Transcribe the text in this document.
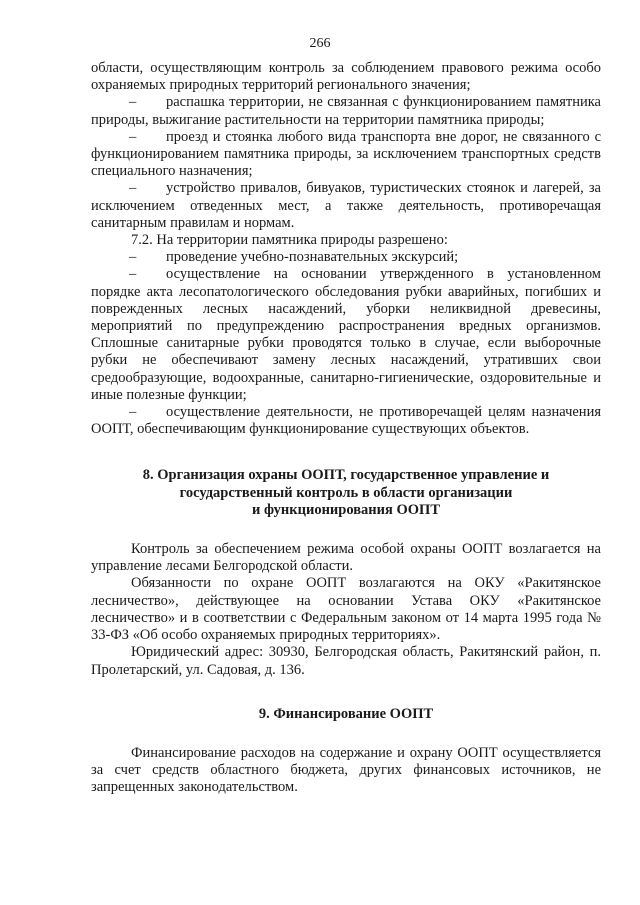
266

области, осуществляющим контроль за соблюдением правового режима особо охраняемых природных территорий регионального значения;

– распашка территории, не связанная с функционированием памятника природы, выжигание растительности на территории памятника природы;

– проезд и стоянка любого вида транспорта вне дорог, не связанного с функционированием памятника природы, за исключением транспортных средств специального назначения;

– устройство привалов, бивуаков, туристических стоянок и лагерей, за исключением отведенных мест, а также деятельность, противоречащая санитарным правилам и нормам.

7.2. На территории памятника природы разрешено:

– проведение учебно-познавательных экскурсий;

– осуществление на основании утвержденного в установленном порядке акта лесопатологического обследования рубки аварийных, погибших и поврежденных лесных насаждений, уборки неликвидной древесины, мероприятий по предупреждению распространения вредных организмов. Сплошные санитарные рубки проводятся только в случае, если выборочные рубки не обеспечивают замену лесных насаждений, утративших свои средообразующие, водоохранные, санитарно-гигиенические, оздоровительные и иные полезные функции;

– осуществление деятельности, не противоречащей целям назначения ООПТ, обеспечивающим функционирование существующих объектов.

8. Организация охраны ООПТ, государственное управление и
государственный контроль в области организации
и функционирования ООПТ

Контроль за обеспечением режима особой охраны ООПТ возлагается на управление лесами Белгородской области.

Обязанности по охране ООПТ возлагаются на ОКУ «Ракитянское лесничество», действующее на основании Устава ОКУ «Ракитянское лесничество» и в соответствии с Федеральным законом от 14 марта 1995 года № 33-ФЗ «Об особо охраняемых природных территориях».

Юридический адрес: 30930, Белгородская область, Ракитянский район, п. Пролетарский, ул. Садовая, д. 136.

9. Финансирование ООПТ

Финансирование расходов на содержание и охрану ООПТ осуществляется за счет средств областного бюджета, других финансовых источников, не запрещенных законодательством.
